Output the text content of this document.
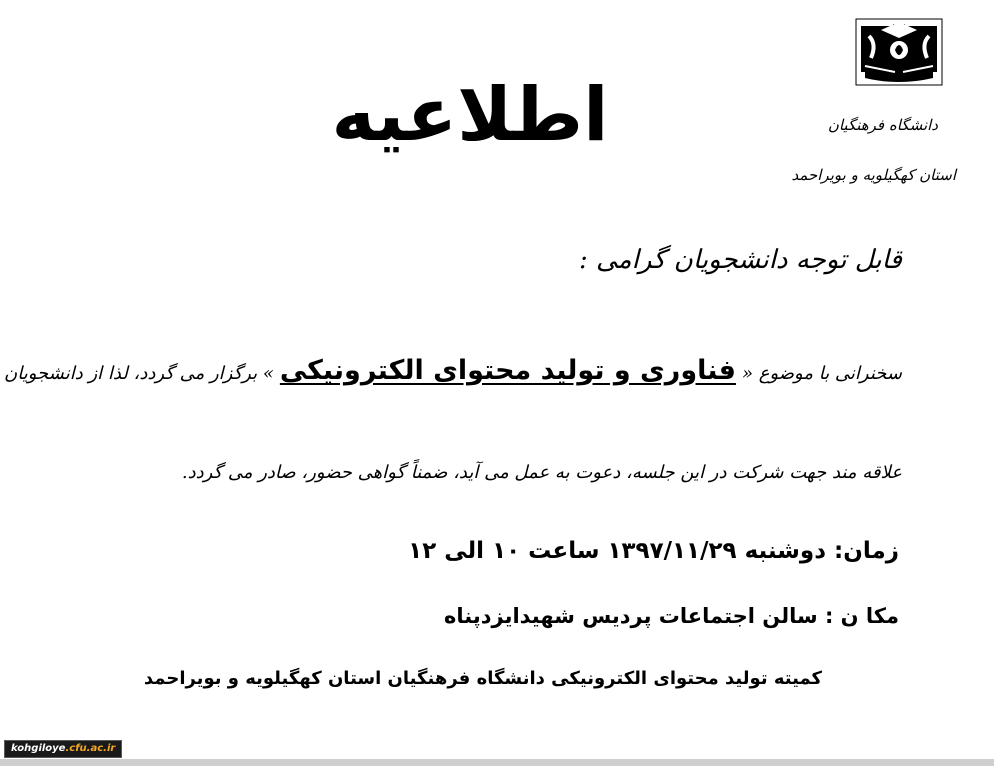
دانشگاه فرهنگیان
استان کهگیلویه و بویراحمد
اطلاعیه
قابل توجه دانشجویان گرامی :
سخنرانی با موضوع «فناوری و تولید محتوای الکترونیکی» برگزار می گردد، لذا از دانشجویان
علاقه مند جهت شرکت در این جلسه، دعوت به عمل می آید، ضمناً گواهی حضور، صادر می گردد.
زمان: دوشنبه ۱۳۹۷/۱۱/۲۹ ساعت ۱۰ الی ۱۲
مکا ن : سالن اجتماعات پردیس شهیدایزدپناه
کمیته تولید محتوای الکترونیکی دانشگاه فرهنگیان استان کهگیلویه و بویراحمد
kohgiloye.cfu.ac.ir
